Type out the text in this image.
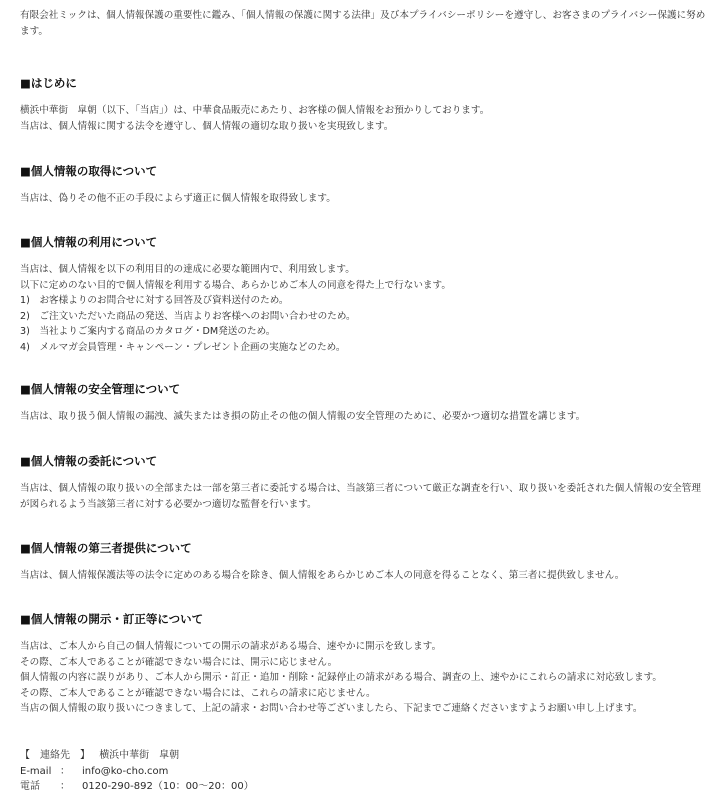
有限会社ミックは、個人情報保護の重要性に鑑み、「個人情報の保護に関する法律」及び本プライバシーポリシーを遵守し、お客さまのプライバシー保護に努めます。
■はじめに
横浜中華街　皐朝（以下、「当店」）は、中華食品販売にあたり、お客様の個人情報をお預かりしております。
当店は、個人情報に関する法令を遵守し、個人情報の適切な取り扱いを実現致します。
■個人情報の取得について
当店は、偽りその他不正の手段によらず適正に個人情報を取得致します。
■個人情報の利用について
当店は、個人情報を以下の利用目的の達成に必要な範囲内で、利用致します。
以下に定めのない目的で個人情報を利用する場合、あらかじめご本人の同意を得た上で行ないます。
1)　お客様よりのお問合せに対する回答及び資料送付のため。
2)　ご注文いただいた商品の発送、当店よりお客様へのお問い合わせのため。
3)　当社よりご案内する商品のカタログ・DM発送のため。
4)　メルマガ会員管理・キャンペーン・プレゼント企画の実施などのため。
■個人情報の安全管理について
当店は、取り扱う個人情報の漏洩、滅失またはき損の防止その他の個人情報の安全管理のために、必要かつ適切な措置を講じます。
■個人情報の委託について
当店は、個人情報の取り扱いの全部または一部を第三者に委託する場合は、当該第三者について厳正な調査を行い、取り扱いを委託された個人情報の安全管理が図られるよう当該第三者に対する必要かつ適切な監督を行います。
■個人情報の第三者提供について
当店は、個人情報保護法等の法令に定めのある場合を除き、個人情報をあらかじめご本人の同意を得ることなく、第三者に提供致しません。
■個人情報の開示・訂正等について
当店は、ご本人から自己の個人情報についての開示の請求がある場合、速やかに開示を致します。
その際、ご本人であることが確認できない場合には、開示に応じません。
個人情報の内容に誤りがあり、ご本人から開示・訂正・追加・削除・記録停止の請求がある場合、調査の上、速やかにこれらの請求に対応致します。
その際、ご本人であることが確認できない場合には、これらの請求に応じません。
当店の個人情報の取り扱いにつきまして、上記の請求・お問い合わせ等ございましたら、下記までご連絡くださいますようお願い申し上げます。
【　連絡先　】 横浜中華街　皐朝
E-mail ： info@ko-cho.com
電話 ： 0120-290-892（10：00～20：00）
